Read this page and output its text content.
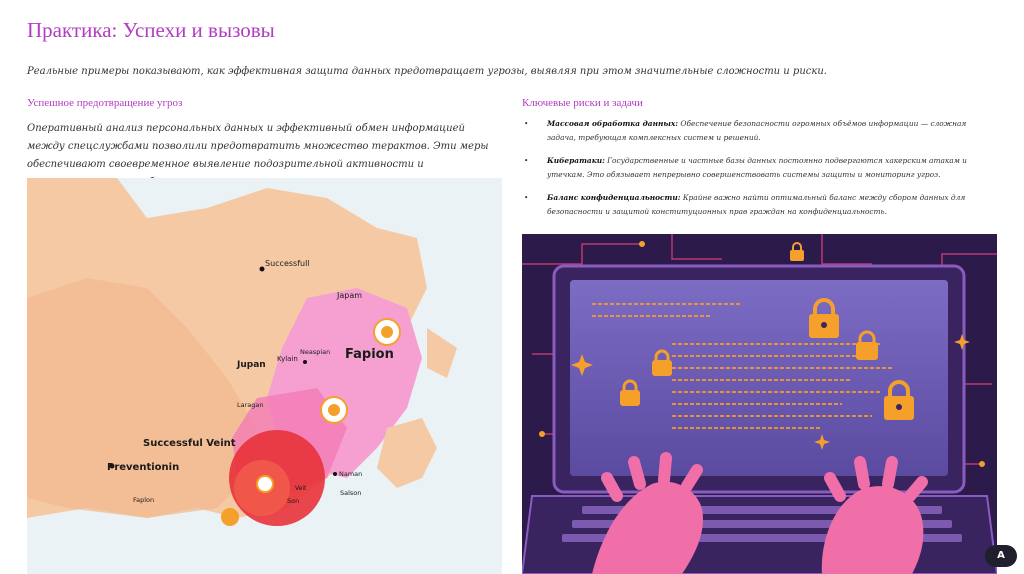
Практика: Успехи и вызовы
Реальные примеры показывают, как эффективная защита данных предотвращает угрозы, выявляя при этом значительные сложности и риски.
Успешное предотвращение угроз
Оперативный анализ персональных данных и эффективный обмен информацией между спецслужбами позволили предотвратить множество терактов. Эти меры обеспечивают своевременное выявление подозрительной активности и
Ключевые риски и задачи
•	Массовая обработка данных: Обеспечение безопасности огромных объёмов информации — сложная задача, требующая комплексных систем и решений.
•	Кибератаки: Государственные и частные базы данных постоянно подвергаются хакерским атакам и утечкам. Это обязывает непрерывно совершенствовать системы защиты и мониторинг угроз.
•	Баланс конфиденциальности: Крайне важно найти оптимальный баланс между сбором данных для безопасности и защитой конституционных прав граждан на конфиденциальность.
Successfull
Japam
Fapion
Kylain
Neaspian
Jupan
Laragan
Successful Veint
Preventionin
Faplon
Naman
Veit
Son
Salson
A
